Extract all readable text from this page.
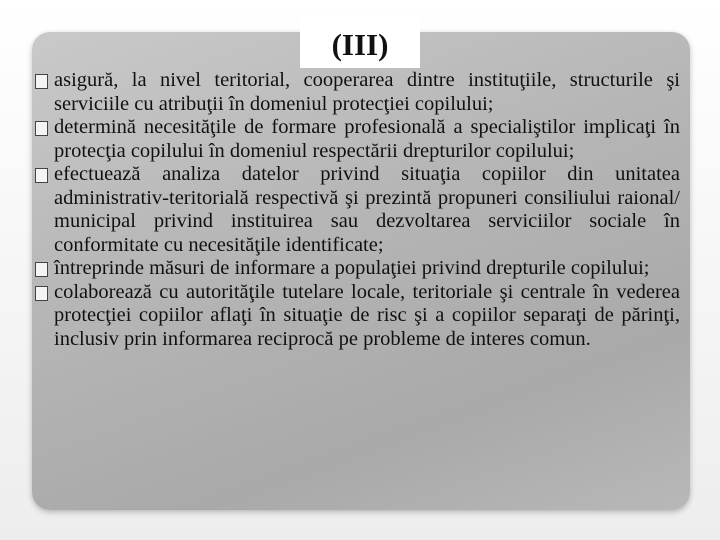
(III)
asigură, la nivel teritorial, cooperarea dintre instituţiile, structurile şi serviciile cu atribuţii în domeniul protecţiei copilului;
determină necesităţile de formare profesională a specialiştilor implicaţi în protecţia copilului în domeniul respectării drepturilor copilului;
efectuează analiza datelor privind situaţia copiilor din unitatea administrativ-teritorială respectivă şi prezintă propuneri consiliului raional/ municipal privind instituirea sau dezvoltarea serviciilor sociale în conformitate cu necesităţile identificate;
întreprinde măsuri de informare a populaţiei privind drepturile copilului;
colaborează cu autorităţile tutelare locale, teritoriale şi centrale în vederea protecţiei copiilor aflaţi în situaţie de risc şi a copiilor separaţi de părinţi, inclusiv prin informarea reciprocă pe probleme de interes comun.
